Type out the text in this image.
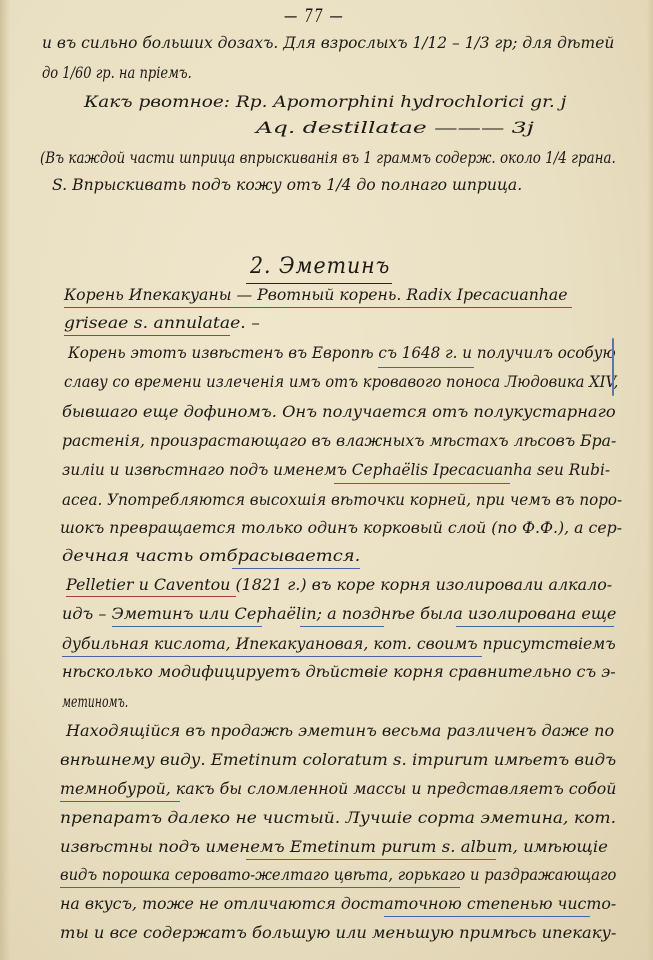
— 77 —
и въ сильно больших дозахъ. Для взрослыхъ 1/12 – 1/3 гр; для дѣтей
до 1/60 гр. на пріемъ.
Какъ рвотное: Rp. Apomorphini hydrochlorici gr. j
Aq. destillatae ——— 3j
(Въ каждой части шприца впрыскиванія въ 1 граммъ содерж. около 1/4 грана.
S. Впрыскивать подъ кожу отъ 1/4 до полнаго шприца.
2. Эметинъ
Корень Ипекакуаны — Рвотный корень. Radix Ipecacuanhae
griseae s. annulatae. –
Корень этотъ извѣстенъ въ Европѣ съ 1648 г. и получилъ особую
славу со времени излеченія имъ отъ кровавого поноса Людовика XIV,
бывшаго еще дофиномъ. Онъ получается отъ полукустарнаго
растенія, произрастающаго въ влажныхъ мѣстахъ лѣсовъ Бра-
зиліи и извѣстнаго подъ именемъ Cephaëlis Ipecacuanha seu Rubi-
acea. Употребляются высохшія вѣточки корней, при чемъ въ поро-
шокъ превращается только одинъ корковый слой (по Ф.Ф.), а сер-
дечная часть отбрасывается.
Pelletier и Caventou (1821 г.) въ коре корня изолировали алкало-
идъ – Эметинъ или Cephaëlin; а позднѣе была изолирована еще
дубильная кислота, Ипекакуановая, кот. своимъ присутствіемъ
нѣсколько модифицируетъ дѣйствіе корня сравнительно съ э-
метиномъ.
Находящійся въ продажѣ эметинъ весьма различенъ даже по
внѣшнему виду. Emetinum coloratum s. impurum имѣетъ видъ
темнобурой, какъ бы сломленной массы и представляетъ собой
препаратъ далеко не чистый. Лучшіе сорта эметина, кот.
извѣстны подъ именемъ Emetinum purum s. album, имѣющіе
видъ порошка серовато-желтаго цвѣта, горькаго и раздражающаго
на вкусъ, тоже не отличаются достаточною степенью чисто-
ты и все содержатъ большую или меньшую примѣсь ипекаку-
